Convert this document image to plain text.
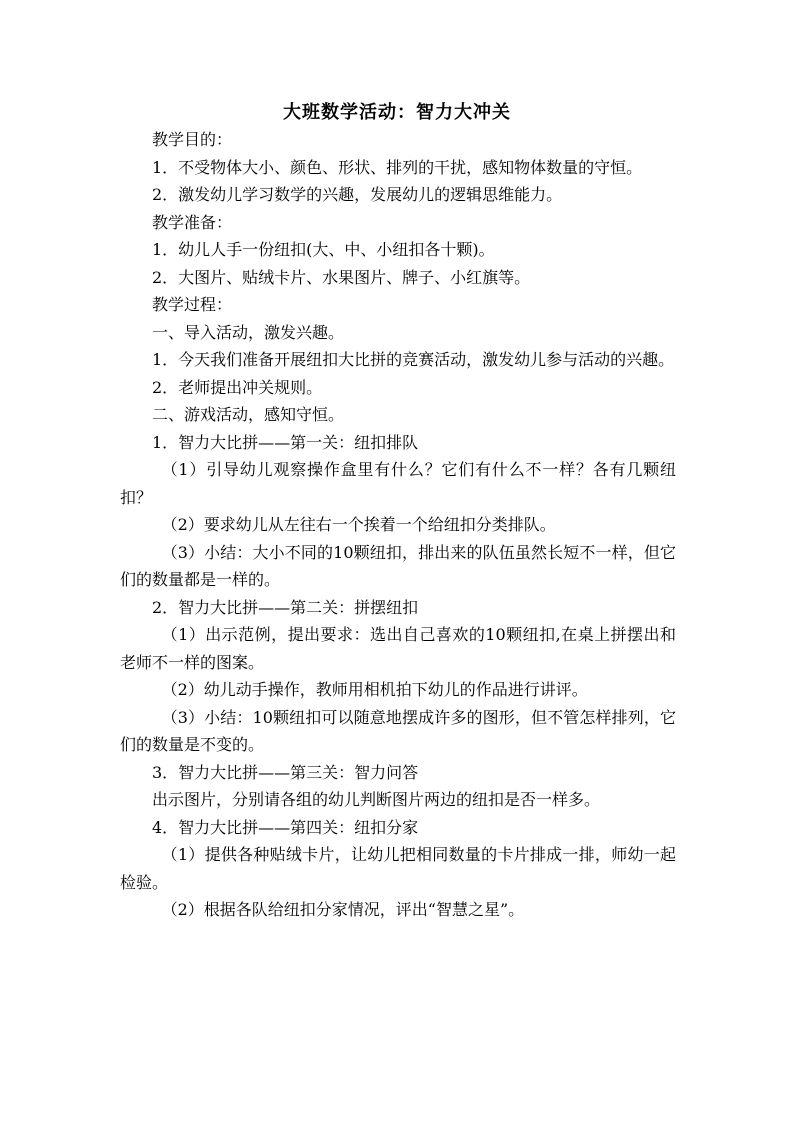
大班数学活动：智力大冲关

教学目的：

1．不受物体大小、颜色、形状、排列的干扰，感知物体数量的守恒。

2．激发幼儿学习数学的兴趣，发展幼儿的逻辑思维能力。

教学准备：

1．幼儿人手一份纽扣(大、中、小纽扣各十颗)。

2．大图片、贴绒卡片、水果图片、牌子、小红旗等。

教学过程：

一、导入活动，激发兴趣。

1．今天我们准备开展纽扣大比拼的竞赛活动，激发幼儿参与活动的兴趣。

2．老师提出冲关规则。

二、游戏活动，感知守恒。

1．智力大比拼——第一关：纽扣排队

（1）引导幼儿观察操作盒里有什么？它们有什么不一样？各有几颗纽扣？

（2）要求幼儿从左往右一个挨着一个给纽扣分类排队。

（3）小结：大小不同的10颗纽扣，排出来的队伍虽然长短不一样，但它们的数量都是一样的。

2．智力大比拼——第二关：拼摆纽扣

（1）出示范例，提出要求：选出自己喜欢的10颗纽扣,在桌上拼摆出和老师不一样的图案。

（2）幼儿动手操作，教师用相机拍下幼儿的作品进行讲评。

（3）小结：10颗纽扣可以随意地摆成许多的图形，但不管怎样排列，它们的数量是不变的。

3．智力大比拼——第三关：智力问答

出示图片，分别请各组的幼儿判断图片两边的纽扣是否一样多。

4．智力大比拼——第四关：纽扣分家

（1）提供各种贴绒卡片，让幼儿把相同数量的卡片排成一排，师幼一起检验。

（2）根据各队给纽扣分家情况，评出“智慧之星”。
